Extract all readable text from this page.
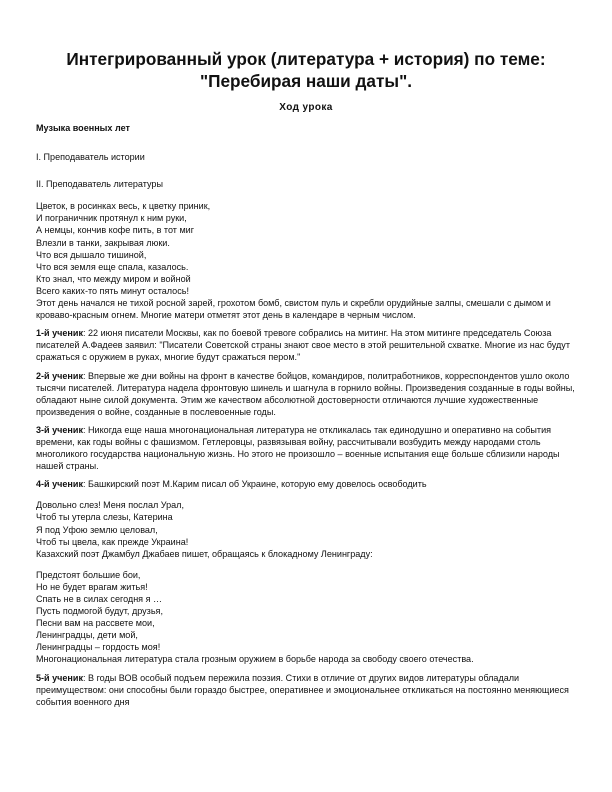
Интегрированный урок (литература + история) по теме: "Перебирая наши даты".

Ход урока

Музыка военных лет

I. Преподаватель истории

II. Преподаватель литературы

Цветок, в росинках весь, к цветку приник,

И пограничник протянул к ним руки,

А немцы, кончив кофе пить, в тот миг

Влезли в танки, закрывая люки.

Что вся дышало тишиной,

Что вся земля еще спала, казалось.

Кто знал, что между миром и войной

Всего каких-то пять минут осталось!

Этот день начался не тихой росной зарей, грохотом бомб, свистом пуль и скребли орудийные залпы, смешали с дымом и кроваво-красным огнем. Многие матери отметят этот день в календаре в черным числом.

1-й ученик: 22 июня писатели Москвы, как по боевой тревоге собрались на митинг. На этом митинге председатель Союза писателей А.Фадеев заявил: "Писатели Советской страны знают свое место в этой решительной схватке. Многие из нас будут сражаться с оружием в руках, многие будут сражаться пером."

2-й ученик: Впервые же дни войны на фронт в качестве бойцов, командиров, политработников, корреспондентов ушло около тысячи писателей. Литература надела фронтовую шинель и шагнула в горнило войны. Произведения созданные в годы войны, обладают ныне силой документа. Этим же качеством абсолютной достоверности отличаются лучшие художественные произведения о войне, созданные в послевоенные годы.

3-й ученик: Никогда еще наша многонациональная литература не откликалась так единодушно и оперативно на события времени, как годы войны с фашизмом. Гетлеровцы, развязывая войну, рассчитывали возбудить между народами столь многоликого государства национальную жизнь. Но этого не произошло – военные испытания еще больше сблизили народы нашей страны.

4-й ученик: Башкирский поэт М.Карим писал об Украине, которую ему довелось освободить

Довольно слез! Меня послал Урал,

Чтоб ты утерла слезы, Катерина

Я под Уфою землю целовал,

Чтоб ты цвела, как прежде Украина!

Казахский поэт Джамбул Джабаев пишет, обращаясь к блокадному Ленинграду:

Предстоят большие бои,

Но не будет врагам житья!

Спать не в силах сегодня я …

Пусть подмогой будут, друзья,

Песни вам на рассвете мои,

Ленинградцы, дети мой,

Ленинградцы – гордость моя!

Многонациональная литература стала грозным оружием в борьбе народа за свободу своего отечества.

5-й ученик: В годы ВОВ особый подъем пережила поэзия. Стихи в отличие от других видов литературы обладали преимуществом: они способны были гораздо быстрее, оперативнее и эмоциональнее откликаться на постоянно меняющиеся события военного дня
